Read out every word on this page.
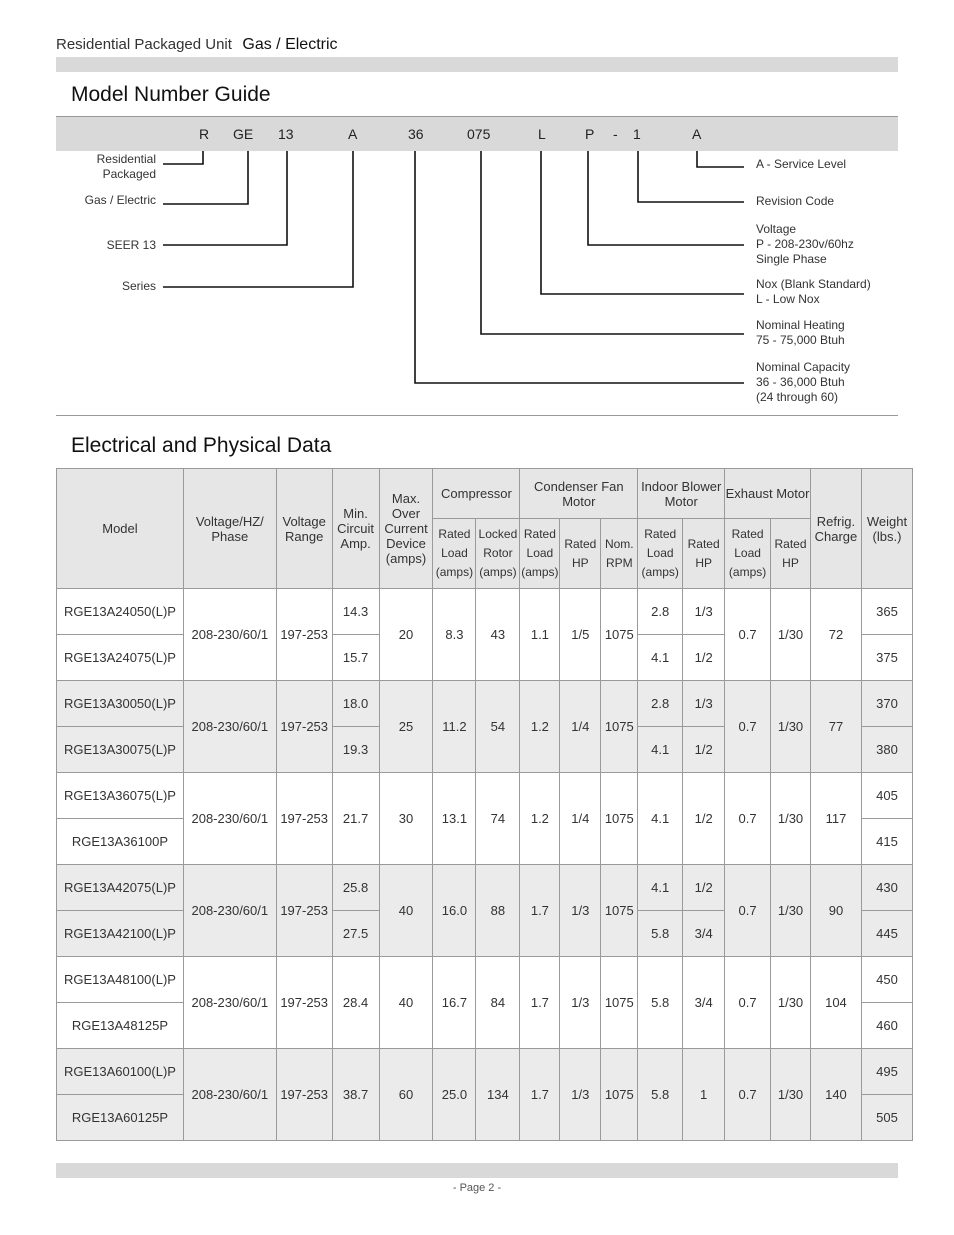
Residential Packaged Unit Gas / Electric
Model Number Guide
R GE 13	A	36	075	L	P - 1	A
Residential
Packaged
Gas / Electric
SEER 13
Series
A - Service Level
Revision Code
Voltage
P - 208-230v/60hz
Single Phase
Nox (Blank Standard)
L - Low Nox
Nominal Heating
75 - 75,000 Btuh
Nominal Capacity
36 - 36,000 Btuh
(24 through 60)
Electrical and Physical Data
Model	Voltage/HZ/ Phase	Voltage Range	Min. Circuit Amp.	Max. Over Current Device (amps)	Compressor		Condenser Fan Motor			Indoor Blower Motor		Exhaust Motor		Refrig. Charge	Weight (lbs.)
					Rated Load (amps)	Locked Rotor (amps)	Rated Load (amps)	Rated HP	Nom. RPM	Rated Load (amps)	Rated HP	Rated Load (amps)	Rated HP		
RGE13A24050(L)P	208-230/60/1	197-253	14.3	20	8.3	43	1.1	1/5	1075	2.8	1/3	0.7	1/30	72	365
RGE13A24075(L)P			15.7							4.1	1/2				375
RGE13A30050(L)P	208-230/60/1	197-253	18.0	25	11.2	54	1.2	1/4	1075	2.8	1/3	0.7	1/30	77	370
RGE13A30075(L)P			19.3							4.1	1/2				380
RGE13A36075(L)P	208-230/60/1	197-253	21.7	30	13.1	74	1.2	1/4	1075	4.1	1/2	0.7	1/30	117	405
RGE13A36100P															415
RGE13A42075(L)P	208-230/60/1	197-253	25.8	40	16.0	88	1.7	1/3	1075	4.1	1/2	0.7	1/30	90	430
RGE13A42100(L)P			27.5							5.8	3/4				445
RGE13A48100(L)P	208-230/60/1	197-253	28.4	40	16.7	84	1.7	1/3	1075	5.8	3/4	0.7	1/30	104	450
RGE13A48125P															460
RGE13A60100(L)P	208-230/60/1	197-253	38.7	60	25.0	134	1.7	1/3	1075	5.8	1	0.7	1/30	140	495
RGE13A60125P															505
- Page 2 -
